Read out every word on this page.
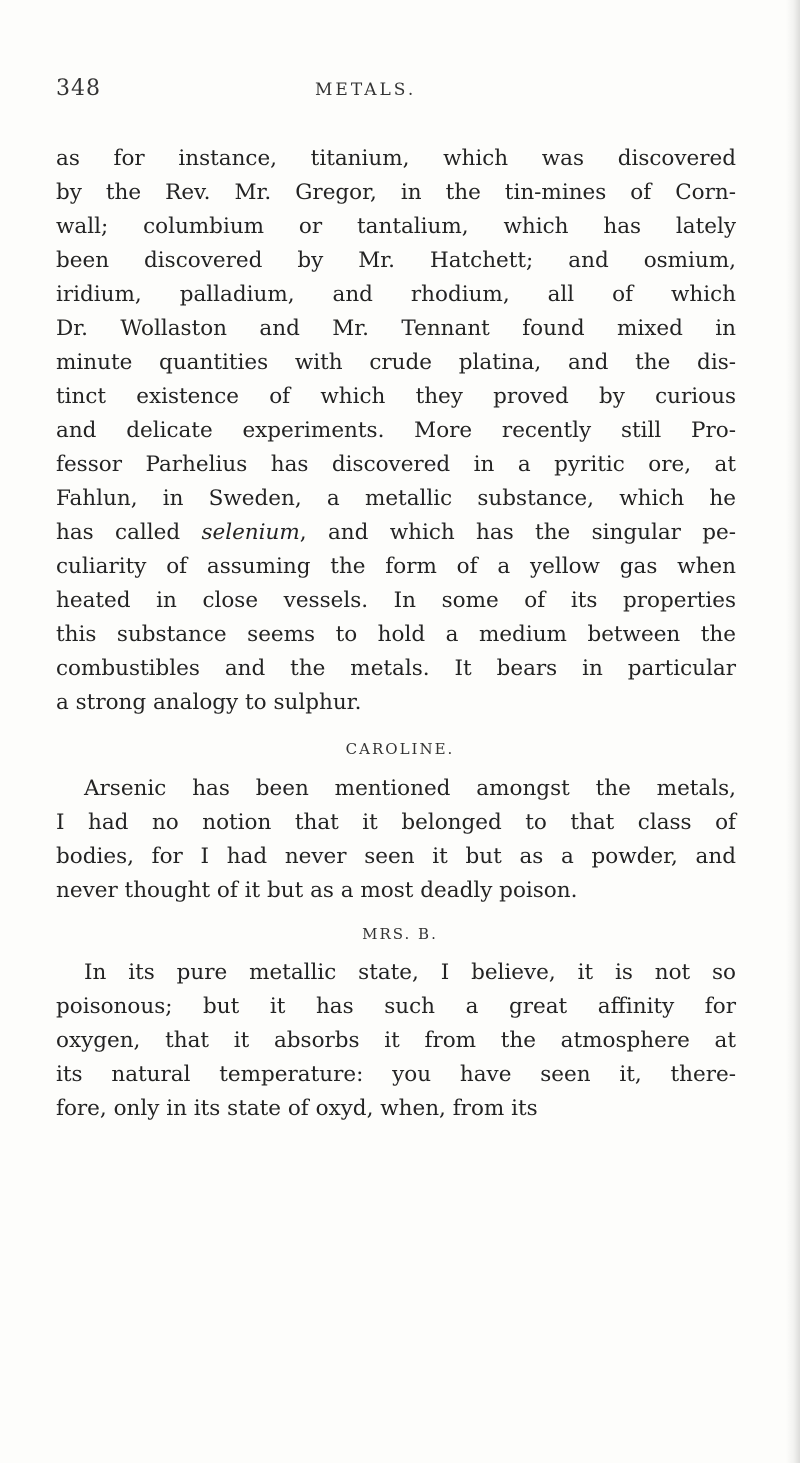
348	METALS.
as for instance, titanium, which was discovered
by the Rev. Mr. Gregor, in the tin-mines of Corn-
wall; columbium or tantalium, which has lately
been discovered by Mr. Hatchett; and osmium,
iridium, palladium, and rhodium, all of which
Dr. Wollaston and Mr. Tennant found mixed in
minute quantities with crude platina, and the dis-
tinct existence of which they proved by curious
and delicate experiments. More recently still Pro-
fessor Parhelius has discovered in a pyritic ore, at
Fahlun, in Sweden, a metallic substance, which he
has called selenium, and which has the singular pe-
culiarity of assuming the form of a yellow gas when
heated in close vessels. In some of its properties
this substance seems to hold a medium between the
combustibles and the metals. It bears in particular
a strong analogy to sulphur.
CAROLINE.
Arsenic has been mentioned amongst the metals,
I had no notion that it belonged to that class of
bodies, for I had never seen it but as a powder, and
never thought of it but as a most deadly poison.
MRS. B.
In its pure metallic state, I believe, it is not so
poisonous; but it has such a great affinity for
oxygen, that it absorbs it from the atmosphere at
its natural temperature: you have seen it, there-
fore, only in its state of oxyd, when, from its
